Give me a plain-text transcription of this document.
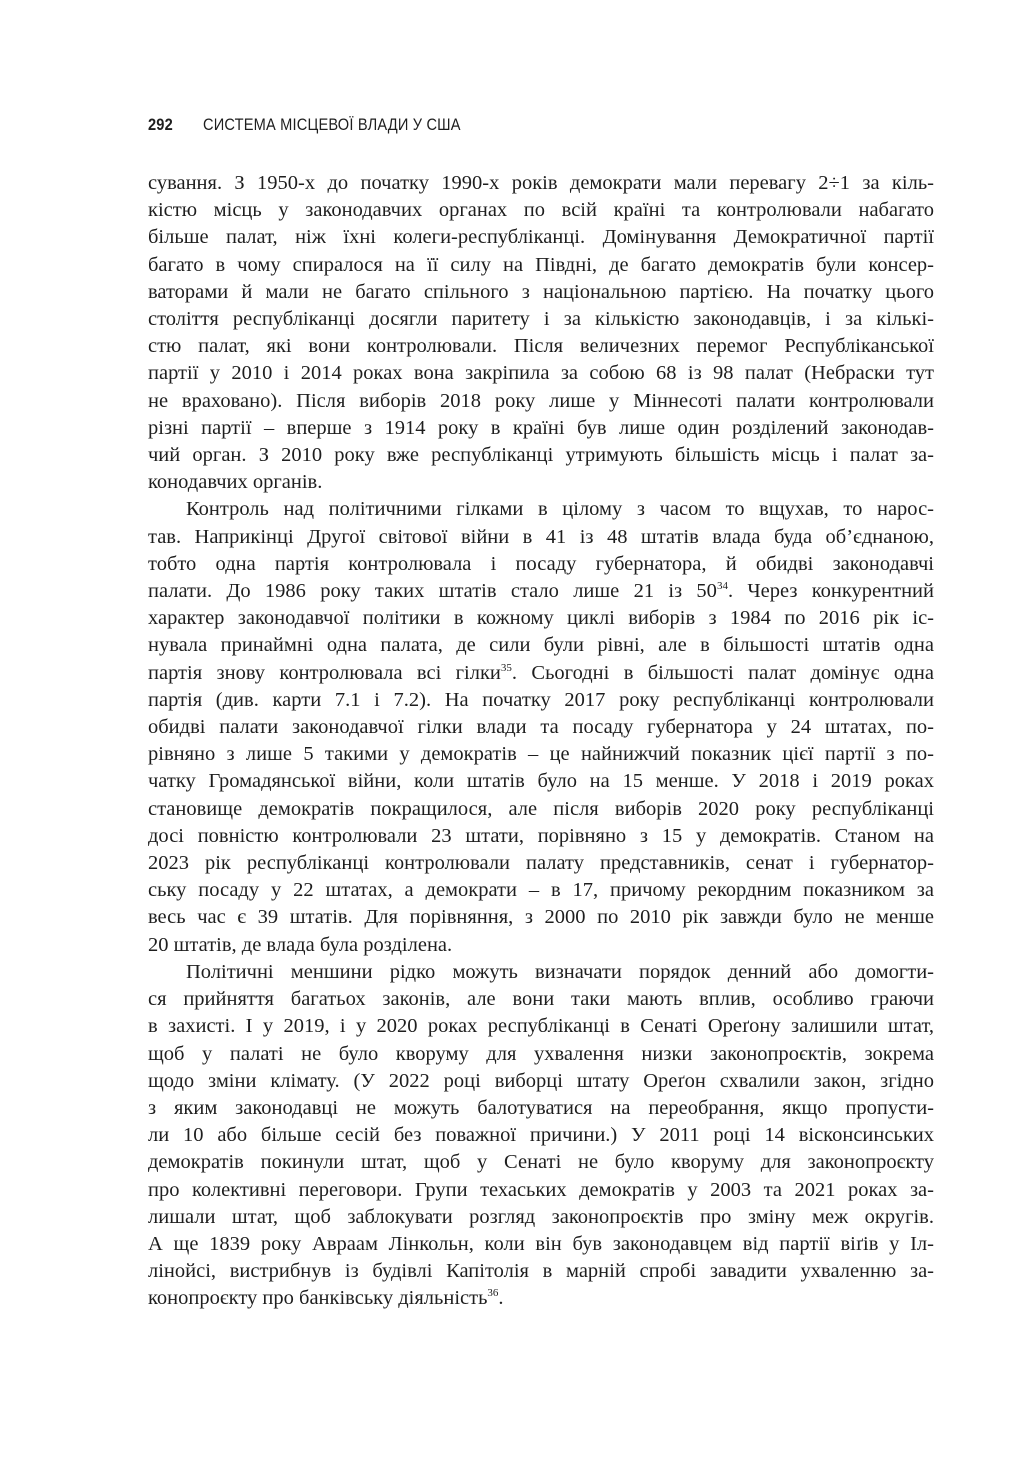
292 СИСТЕМА МІСЦЕВОЇ ВЛАДИ У США
сування. З 1950-х до початку 1990-х років демократи мали перевагу 2÷1 за кіль-
кістю місць у законодавчих органах по всій країні та контролювали набагато
більше палат, ніж їхні колеги-республіканці. Домінування Демократичної партії
багато в чому спиралося на її силу на Півдні, де багато демократів були консер-
ваторами й мали не багато спільного з національною партією. На початку цього
століття республіканці досягли паритету і за кількістю законодавців, і за кількі-
стю палат, які вони контролювали. Після величезних перемог Республіканської
партії у 2010 і 2014 роках вона закріпила за собою 68 із 98 палат (Небраски тут
не враховано). Після виборів 2018 року лише у Міннесоті палати контролювали
різні партії – вперше з 1914 року в країні був лише один розділений законодав-
чий орган. З 2010 року вже республіканці утримують більшість місць і палат за-
конодавчих органів.
Контроль над політичними гілками в цілому з часом то вщухав, то нарос-
тав. Наприкінці Другої світової війни в 41 із 48 штатів влада буда об’єднаною,
тобто одна партія контролювала і посаду губернатора, й обидві законодавчі
палати. До 1986 року таких штатів стало лише 21 із $50^{34}$. Через конкурентний
характер законодавчої політики в кожному циклі виборів з 1984 по 2016 рік іс-
нувала принаймні одна палата, де сили були рівні, але в більшості штатів одна
партія знову контролювала всі гілки$^{35}$. Сьогодні в більшості палат домінує одна
партія (див. карти 7.1 і 7.2). На початку 2017 року республіканці контролювали
обидві палати законодавчої гілки влади та посаду губернатора у 24 штатах, по-
рівняно з лише 5 такими у демократів – це найнижчий показник цієї партії з по-
чатку Громадянської війни, коли штатів було на 15 менше. У 2018 і 2019 роках
становище демократів покращилося, але після виборів 2020 року республіканці
досі повністю контролювали 23 штати, порівняно з 15 у демократів. Станом на
2023 рік республіканці контролювали палату представників, сенат і губернатор-
ську посаду у 22 штатах, а демократи – в 17, причому рекордним показником за
весь час є 39 штатів. Для порівняння, з 2000 по 2010 рік завжди було не менше
20 штатів, де влада була розділена.
Політичні меншини рідко можуть визначати порядок денний або домогти-
ся прийняття багатьох законів, але вони таки мають вплив, особливо граючи
в захисті. І у 2019, і у 2020 роках республіканці в Сенаті Ореґону залишили штат,
щоб у палаті не було кворуму для ухвалення низки законопроєктів, зокрема
щодо зміни клімату. (У 2022 році виборці штату Ореґон схвалили закон, згідно
з яким законодавці не можуть балотуватися на переобрання, якщо пропусти-
ли 10 або більше сесій без поважної причини.) У 2011 році 14 вісконсинських
демократів покинули штат, щоб у Сенаті не було кворуму для законопроєкту
про колективні переговори. Групи техаських демократів у 2003 та 2021 роках за-
лишали штат, щоб заблокувати розгляд законопроєктів про зміну меж округів.
А ще 1839 року Авраам Лінкольн, коли він був законодавцем від партії віґів у Іл-
лінойсі, вистрибнув із будівлі Капітолія в марній спробі завадити ухваленню за-
конопроєкту про банківську діяльність$^{36}$.
